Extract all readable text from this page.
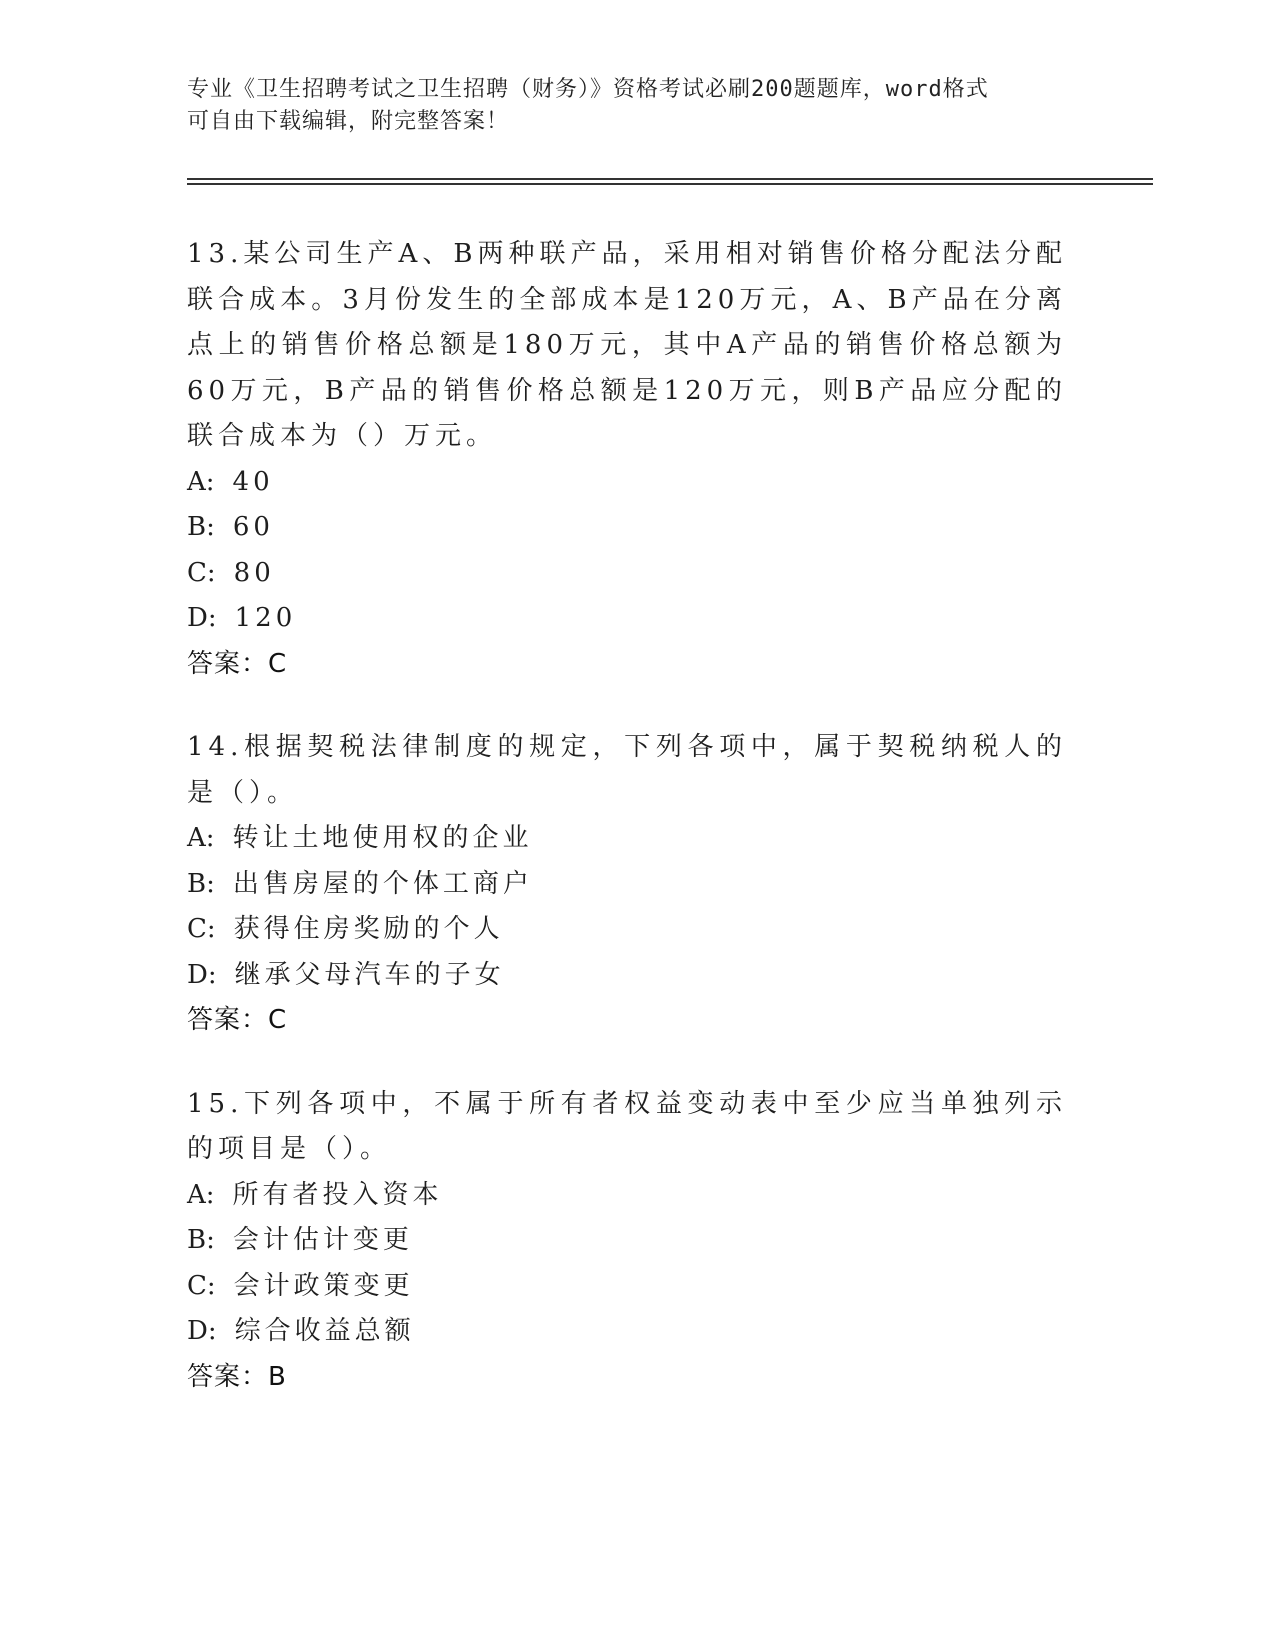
专业《卫生招聘考试之卫生招聘（财务）》资格考试必刷200题题库，word格式
可自由下载编辑，附完整答案！
13.某公司生产A、B两种联产品，采用相对销售价格分配法分配联合成本。3月份发生的全部成本是120万元，A、B产品在分离点上的销售价格总额是180万元，其中A产品的销售价格总额为60万元，B产品的销售价格总额是120万元，则B产品应分配的联合成本为（）万元。
A: 40
B: 60
C: 80
D: 120
答案：C
14.根据契税法律制度的规定，下列各项中，属于契税纳税人的是（）。
A: 转让土地使用权的企业
B: 出售房屋的个体工商户
C: 获得住房奖励的个人
D: 继承父母汽车的子女
答案：C
15.下列各项中，不属于所有者权益变动表中至少应当单独列示的项目是（）。
A: 所有者投入资本
B: 会计估计变更
C: 会计政策变更
D: 综合收益总额
答案：B
